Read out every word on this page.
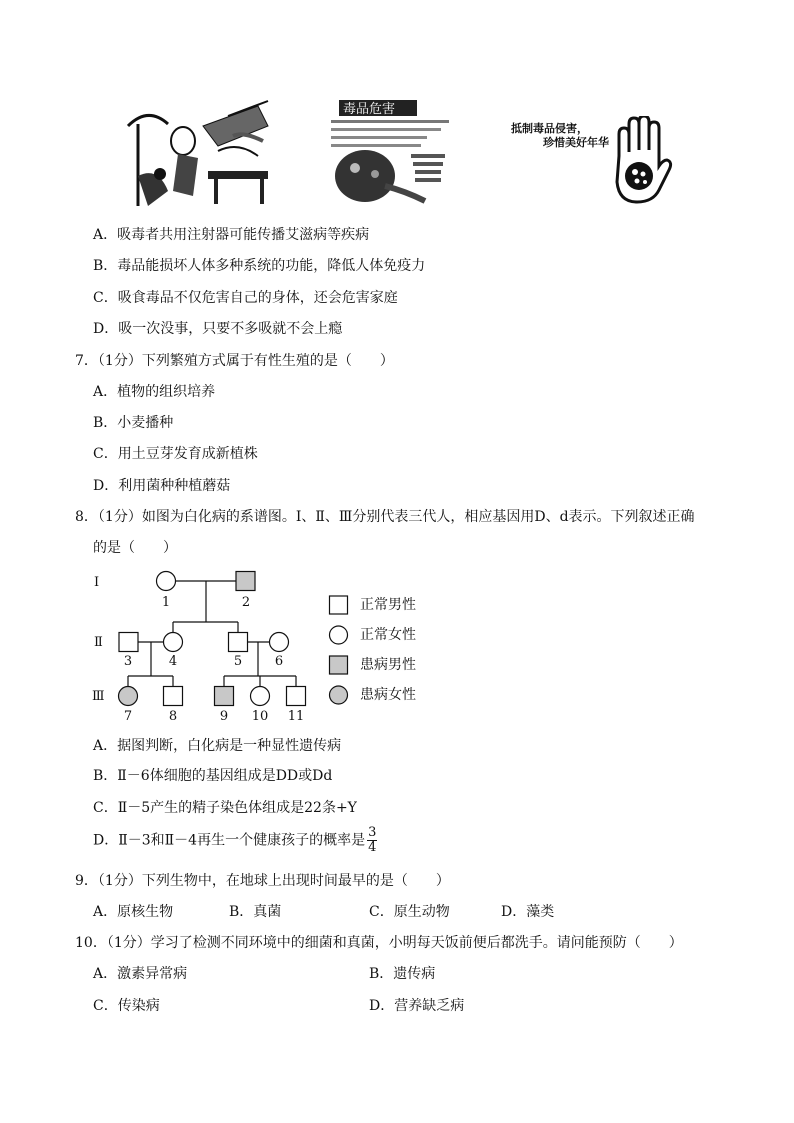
毒品危害
抵制毒品侵害，
珍惜美好年华
A．吸毒者共用注射器可能传播艾滋病等疾病
B．毒品能损坏人体多种系统的功能，降低人体免疫力
C．吸食毒品不仅危害自己的身体，还会危害家庭
D．吸一次没事，只要不多吸就不会上瘾
7．（1分）下列繁殖方式属于有性生殖的是（　　）
A．植物的组织培养
B．小麦播种
C．用土豆芽发育成新植株
D．利用菌种种植蘑菇
8．（1分）如图为白化病的系谱图。Ⅰ、Ⅱ、Ⅲ分别代表三代人，相应基因用D、d表示。下列叙述正确
的是（　　）
Ⅰ
Ⅱ
Ⅲ
1	2
3	4	5	6
7	8	9 10 11
正常男性
正常女性
患病男性
患病女性
A．据图判断，白化病是一种显性遗传病
B．Ⅱ－6体细胞的基因组成是DD或Dd
C．Ⅱ－5产生的精子染色体组成是22条+Y
D．Ⅱ－3和Ⅱ－4再生一个健康孩子的概率是 $\frac{3}{4}$
9．（1分）下列生物中，在地球上出现时间最早的是（　　）
A．原核生物	B．真菌	C．原生动物	D．藻类
10．（1分）学习了检测不同环境中的细菌和真菌，小明每天饭前便后都洗手。请问能预防（　　）
A．激素异常病	B．遗传病
C．传染病	D．营养缺乏病
